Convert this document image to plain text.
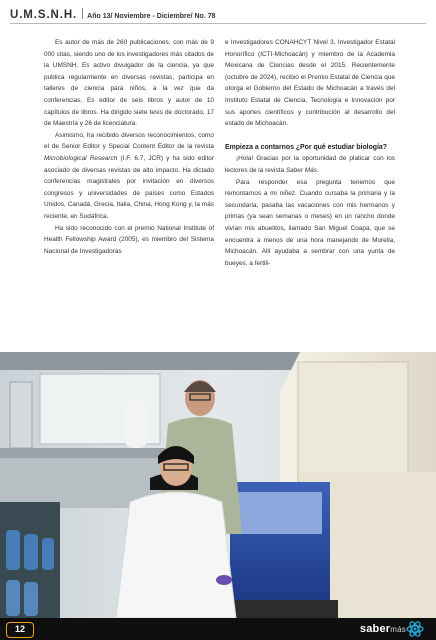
U.M.S.N.H. Año 13/ Noviembre - Diciembre/ No. 78

Es autor de más de 260 publicaciones, con más de 9 000 citas, siendo uno de los investigadores más citados de la UMSNH. Es activo divulgador de la ciencia, ya que publica regularmente en diversas revistas, participa en talleres de ciencia para niños, a la vez que da conferencias. Es editor de seis libros y autor de 10 capítulos de libros. Ha dirigido siete tesis de doctorado, 17 de Maestría y 26 de licenciatura.

Asimismo, ha recibido diversos reconocimientos, como el de Senior Editor y Special Content Editor de la revista Microbiological Research (I.F. 6.7, JCR) y ha sido editor asociado de diversas revistas de alto impacto. Ha dictado conferencias magistrales por invitación en diversos congresos y universidades de países como Estados Unidos, Canadá, Grecia, Italia, China, Hong Kong y, la más reciente, en Sudáfrica.

Ha sido reconocido con el premio National Institute of Health Fellowship Award (2005), es miembro del Sistema Nacional de Investigadoras

e Investigadores CONAHCYT Nivel 3, Investigador Estatal Honorífico (ICTI-Michoacán) y miembro de la Academia Mexicana de Ciencias desde el 2015. Recientemente (octubre de 2024), recibió el Premio Estatal de Ciencia que otorga el Gobierno del Estado de Michoacán a través del Instituto Estatal de Ciencia, Tecnología e Innovación por sus aportes científicos y contribución al desarrollo del estado de Michoacán.

Empieza a contarnos ¿Por qué estudiar biología?

¡Hola! Gracias por la oportunidad de platicar con los lectores de la revista Saber Más.

Para responder esa pregunta tenemos que remontarnos a mi niñez. Cuando cursaba la primaria y la secundaria, pasaba las vacaciones con mis hermanos y primas (ya sean semanas o meses) en un rancho donde vivían mis abuelitos, llamado San Miguel Coapa, que se encuentra a menos de una hora manejando de Morelia, Michoacán. Allí ayudaba a sembrar con una yunta de bueyes, a fertili-

12	sabermás
